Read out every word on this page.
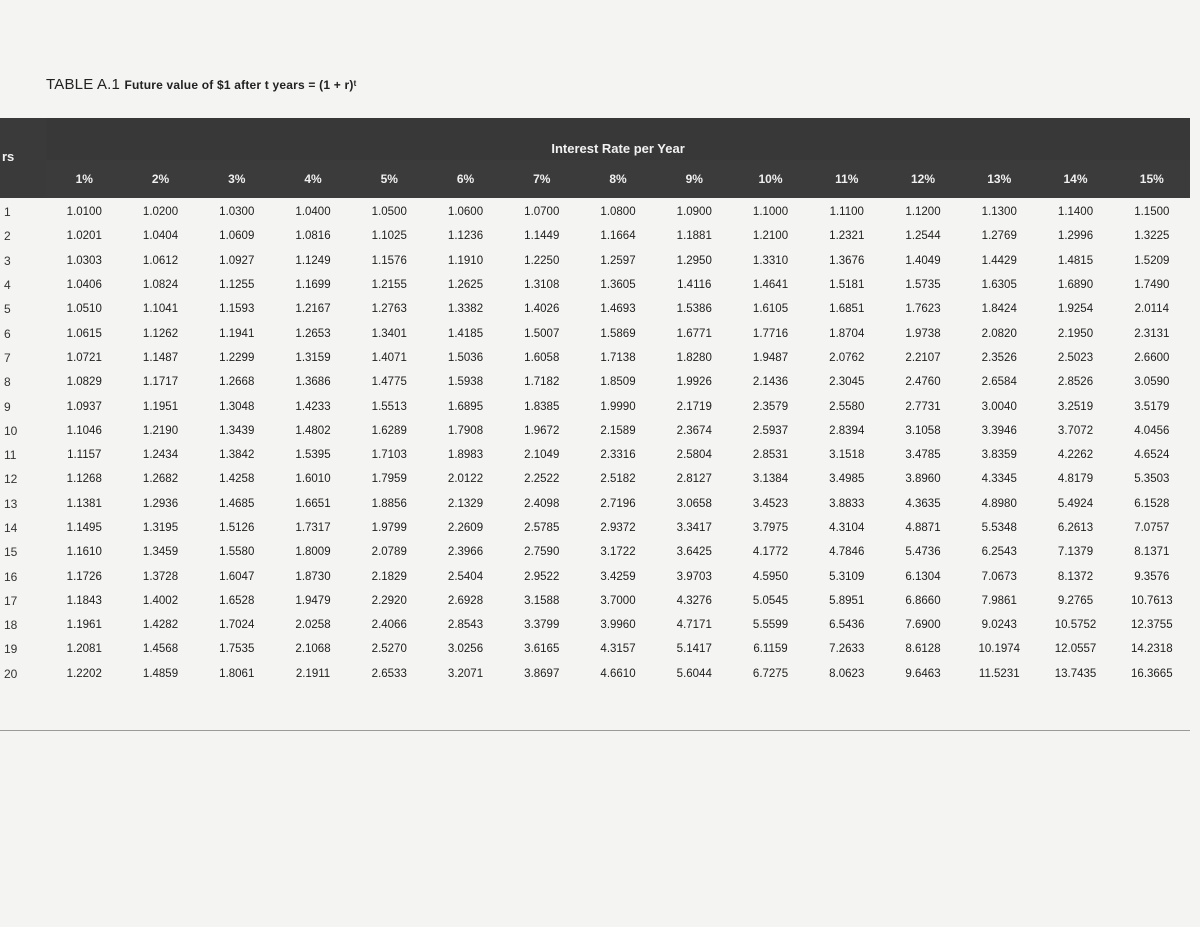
TABLE A.1 Future value of $1 after t years = (1 + r)ᵗ
rs	Interest Rate per Year														
	1%	2%	3%	4%	5%	6%	7%	8%	9%	10%	11%	12%	13%	14%	15%
1	1.0100	1.0200	1.0300	1.0400	1.0500	1.0600	1.0700	1.0800	1.0900	1.1000	1.1100	1.1200	1.1300	1.1400	1.1500
2	1.0201	1.0404	1.0609	1.0816	1.1025	1.1236	1.1449	1.1664	1.1881	1.2100	1.2321	1.2544	1.2769	1.2996	1.3225
3	1.0303	1.0612	1.0927	1.1249	1.1576	1.1910	1.2250	1.2597	1.2950	1.3310	1.3676	1.4049	1.4429	1.4815	1.5209
4	1.0406	1.0824	1.1255	1.1699	1.2155	1.2625	1.3108	1.3605	1.4116	1.4641	1.5181	1.5735	1.6305	1.6890	1.7490
5	1.0510	1.1041	1.1593	1.2167	1.2763	1.3382	1.4026	1.4693	1.5386	1.6105	1.6851	1.7623	1.8424	1.9254	2.0114
6	1.0615	1.1262	1.1941	1.2653	1.3401	1.4185	1.5007	1.5869	1.6771	1.7716	1.8704	1.9738	2.0820	2.1950	2.3131
7	1.0721	1.1487	1.2299	1.3159	1.4071	1.5036	1.6058	1.7138	1.8280	1.9487	2.0762	2.2107	2.3526	2.5023	2.6600
8	1.0829	1.1717	1.2668	1.3686	1.4775	1.5938	1.7182	1.8509	1.9926	2.1436	2.3045	2.4760	2.6584	2.8526	3.0590
9	1.0937	1.1951	1.3048	1.4233	1.5513	1.6895	1.8385	1.9990	2.1719	2.3579	2.5580	2.7731	3.0040	3.2519	3.5179
10	1.1046	1.2190	1.3439	1.4802	1.6289	1.7908	1.9672	2.1589	2.3674	2.5937	2.8394	3.1058	3.3946	3.7072	4.0456
11	1.1157	1.2434	1.3842	1.5395	1.7103	1.8983	2.1049	2.3316	2.5804	2.8531	3.1518	3.4785	3.8359	4.2262	4.6524
12	1.1268	1.2682	1.4258	1.6010	1.7959	2.0122	2.2522	2.5182	2.8127	3.1384	3.4985	3.8960	4.3345	4.8179	5.3503
13	1.1381	1.2936	1.4685	1.6651	1.8856	2.1329	2.4098	2.7196	3.0658	3.4523	3.8833	4.3635	4.8980	5.4924	6.1528
14	1.1495	1.3195	1.5126	1.7317	1.9799	2.2609	2.5785	2.9372	3.3417	3.7975	4.3104	4.8871	5.5348	6.2613	7.0757
15	1.1610	1.3459	1.5580	1.8009	2.0789	2.3966	2.7590	3.1722	3.6425	4.1772	4.7846	5.4736	6.2543	7.1379	8.1371
16	1.1726	1.3728	1.6047	1.8730	2.1829	2.5404	2.9522	3.4259	3.9703	4.5950	5.3109	6.1304	7.0673	8.1372	9.3576
17	1.1843	1.4002	1.6528	1.9479	2.2920	2.6928	3.1588	3.7000	4.3276	5.0545	5.8951	6.8660	7.9861	9.2765	10.7613
18	1.1961	1.4282	1.7024	2.0258	2.4066	2.8543	3.3799	3.9960	4.7171	5.5599	6.5436	7.6900	9.0243	10.5752	12.3755
19	1.2081	1.4568	1.7535	2.1068	2.5270	3.0256	3.6165	4.3157	5.1417	6.1159	7.2633	8.6128	10.1974	12.0557	14.2318
20	1.2202	1.4859	1.8061	2.1911	2.6533	3.2071	3.8697	4.6610	5.6044	6.7275	8.0623	9.6463	11.5231	13.7435	16.3665
